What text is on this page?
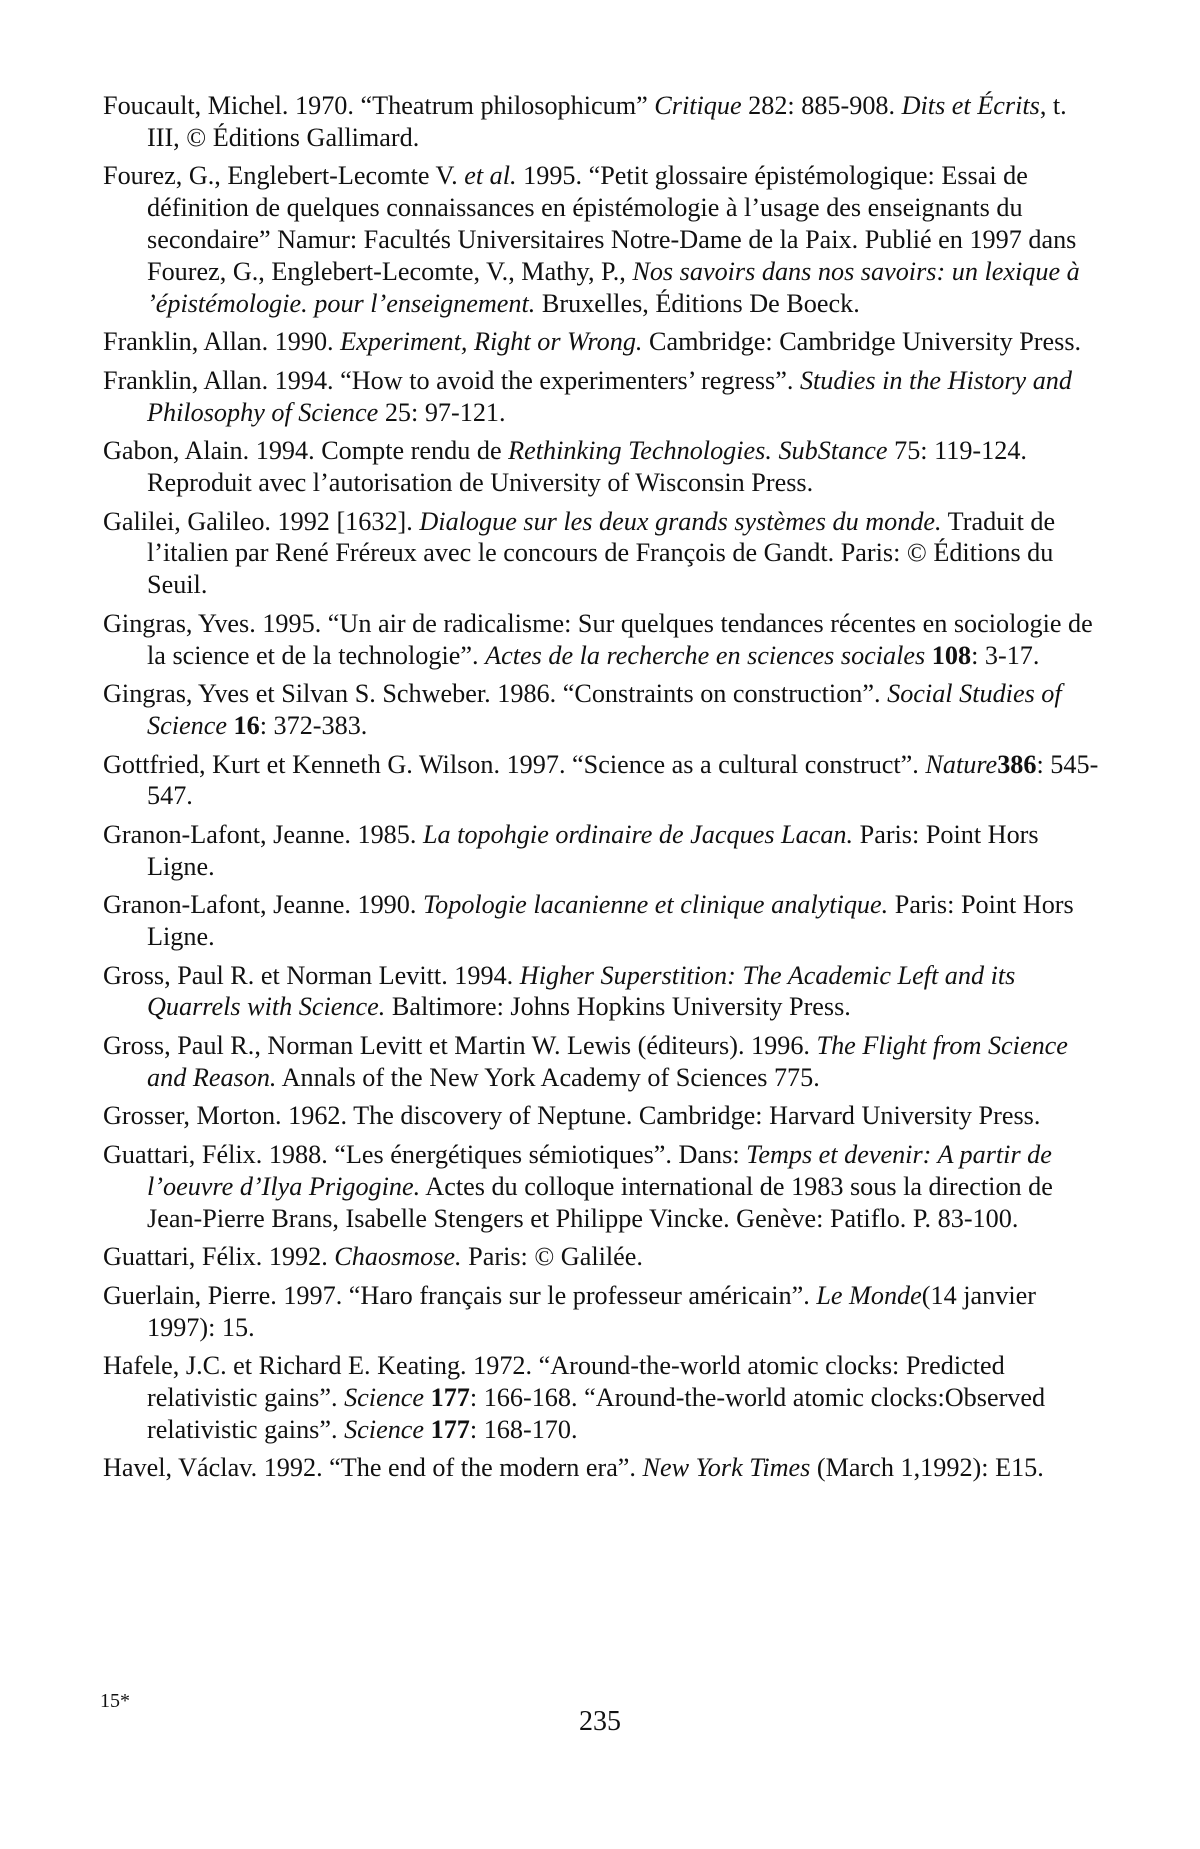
Foucault, Michel. 1970. “Theatrum philosophicum” Critique 282: 885-908. Dits et Écrits, t. III, © Éditions Gallimard.

Fourez, G., Englebert-Lecomte V. et al. 1995. “Petit glossaire épistémologique: Essai de définition de quelques connaissances en épistémologie à l’usage des enseignants du secondaire” Namur: Facultés Universitaires Notre-Dame de la Paix. Publié en 1997 dans Fourez, G., Englebert-Lecomte, V., Mathy, P., Nos savoirs dans nos savoirs: un lexique à ’épistémologie. pour l’enseignement. Bruxelles, Éditions De Boeck.

Franklin, Allan. 1990. Experiment, Right or Wrong. Cambridge: Cambridge University Press.

Franklin, Allan. 1994. “How to avoid the experimenters’ regress”. Studies in the History and Philosophy of Science 25: 97-121.

Gabon, Alain. 1994. Compte rendu de Rethinking Technologies. SubStance 75: 119-124. Reproduit avec l’autorisation de University of Wisconsin Press.

Galilei, Galileo. 1992 [1632]. Dialogue sur les deux grands systèmes du monde. Traduit de l’italien par René Fréreux avec le concours de François de Gandt. Paris: © Éditions du Seuil.

Gingras, Yves. 1995. “Un air de radicalisme: Sur quelques tendances récentes en sociologie de la science et de la technologie”. Actes de la recherche en sciences sociales 108: 3-17.

Gingras, Yves et Silvan S. Schweber. 1986. “Constraints on construction”. Social Studies of Science 16: 372-383.

Gottfried, Kurt et Kenneth G. Wilson. 1997. “Science as a cultural construct”. Nature386: 545-547.

Granon-Lafont, Jeanne. 1985. La topohgie ordinaire de Jacques Lacan. Paris: Point Hors Ligne.

Granon-Lafont, Jeanne. 1990. Topologie lacanienne et clinique analytique. Paris: Point Hors Ligne.

Gross, Paul R. et Norman Levitt. 1994. Higher Superstition: The Academic Left and its Quarrels with Science. Baltimore: Johns Hopkins University Press.

Gross, Paul R., Norman Levitt et Martin W. Lewis (éditeurs). 1996. The Flight from Science and Reason. Annals of the New York Academy of Sciences 775.

Grosser, Morton. 1962. The discovery of Neptune. Cambridge: Harvard University Press.

Guattari, Félix. 1988. “Les énergétiques sémiotiques”. Dans: Temps et devenir: A partir de l’oeuvre d’Ilya Prigogine. Actes du colloque international de 1983 sous la direction de Jean-Pierre Brans, Isabelle Stengers et Philippe Vincke. Genève: Patiflo. P. 83-100.

Guattari, Félix. 1992. Chaosmose. Paris: © Galilée.

Guerlain, Pierre. 1997. “Haro français sur le professeur américain”. Le Monde(14 janvier 1997): 15.

Hafele, J.C. et Richard E. Keating. 1972. “Around-the-world atomic clocks: Predicted relativistic gains”. Science 177: 166-168. “Around-the-world atomic clocks:Observed relativistic gains”. Science 177: 168-170.

Havel, Václav. 1992. “The end of the modern era”. New York Times (March 1,1992): E15.

15*
235
